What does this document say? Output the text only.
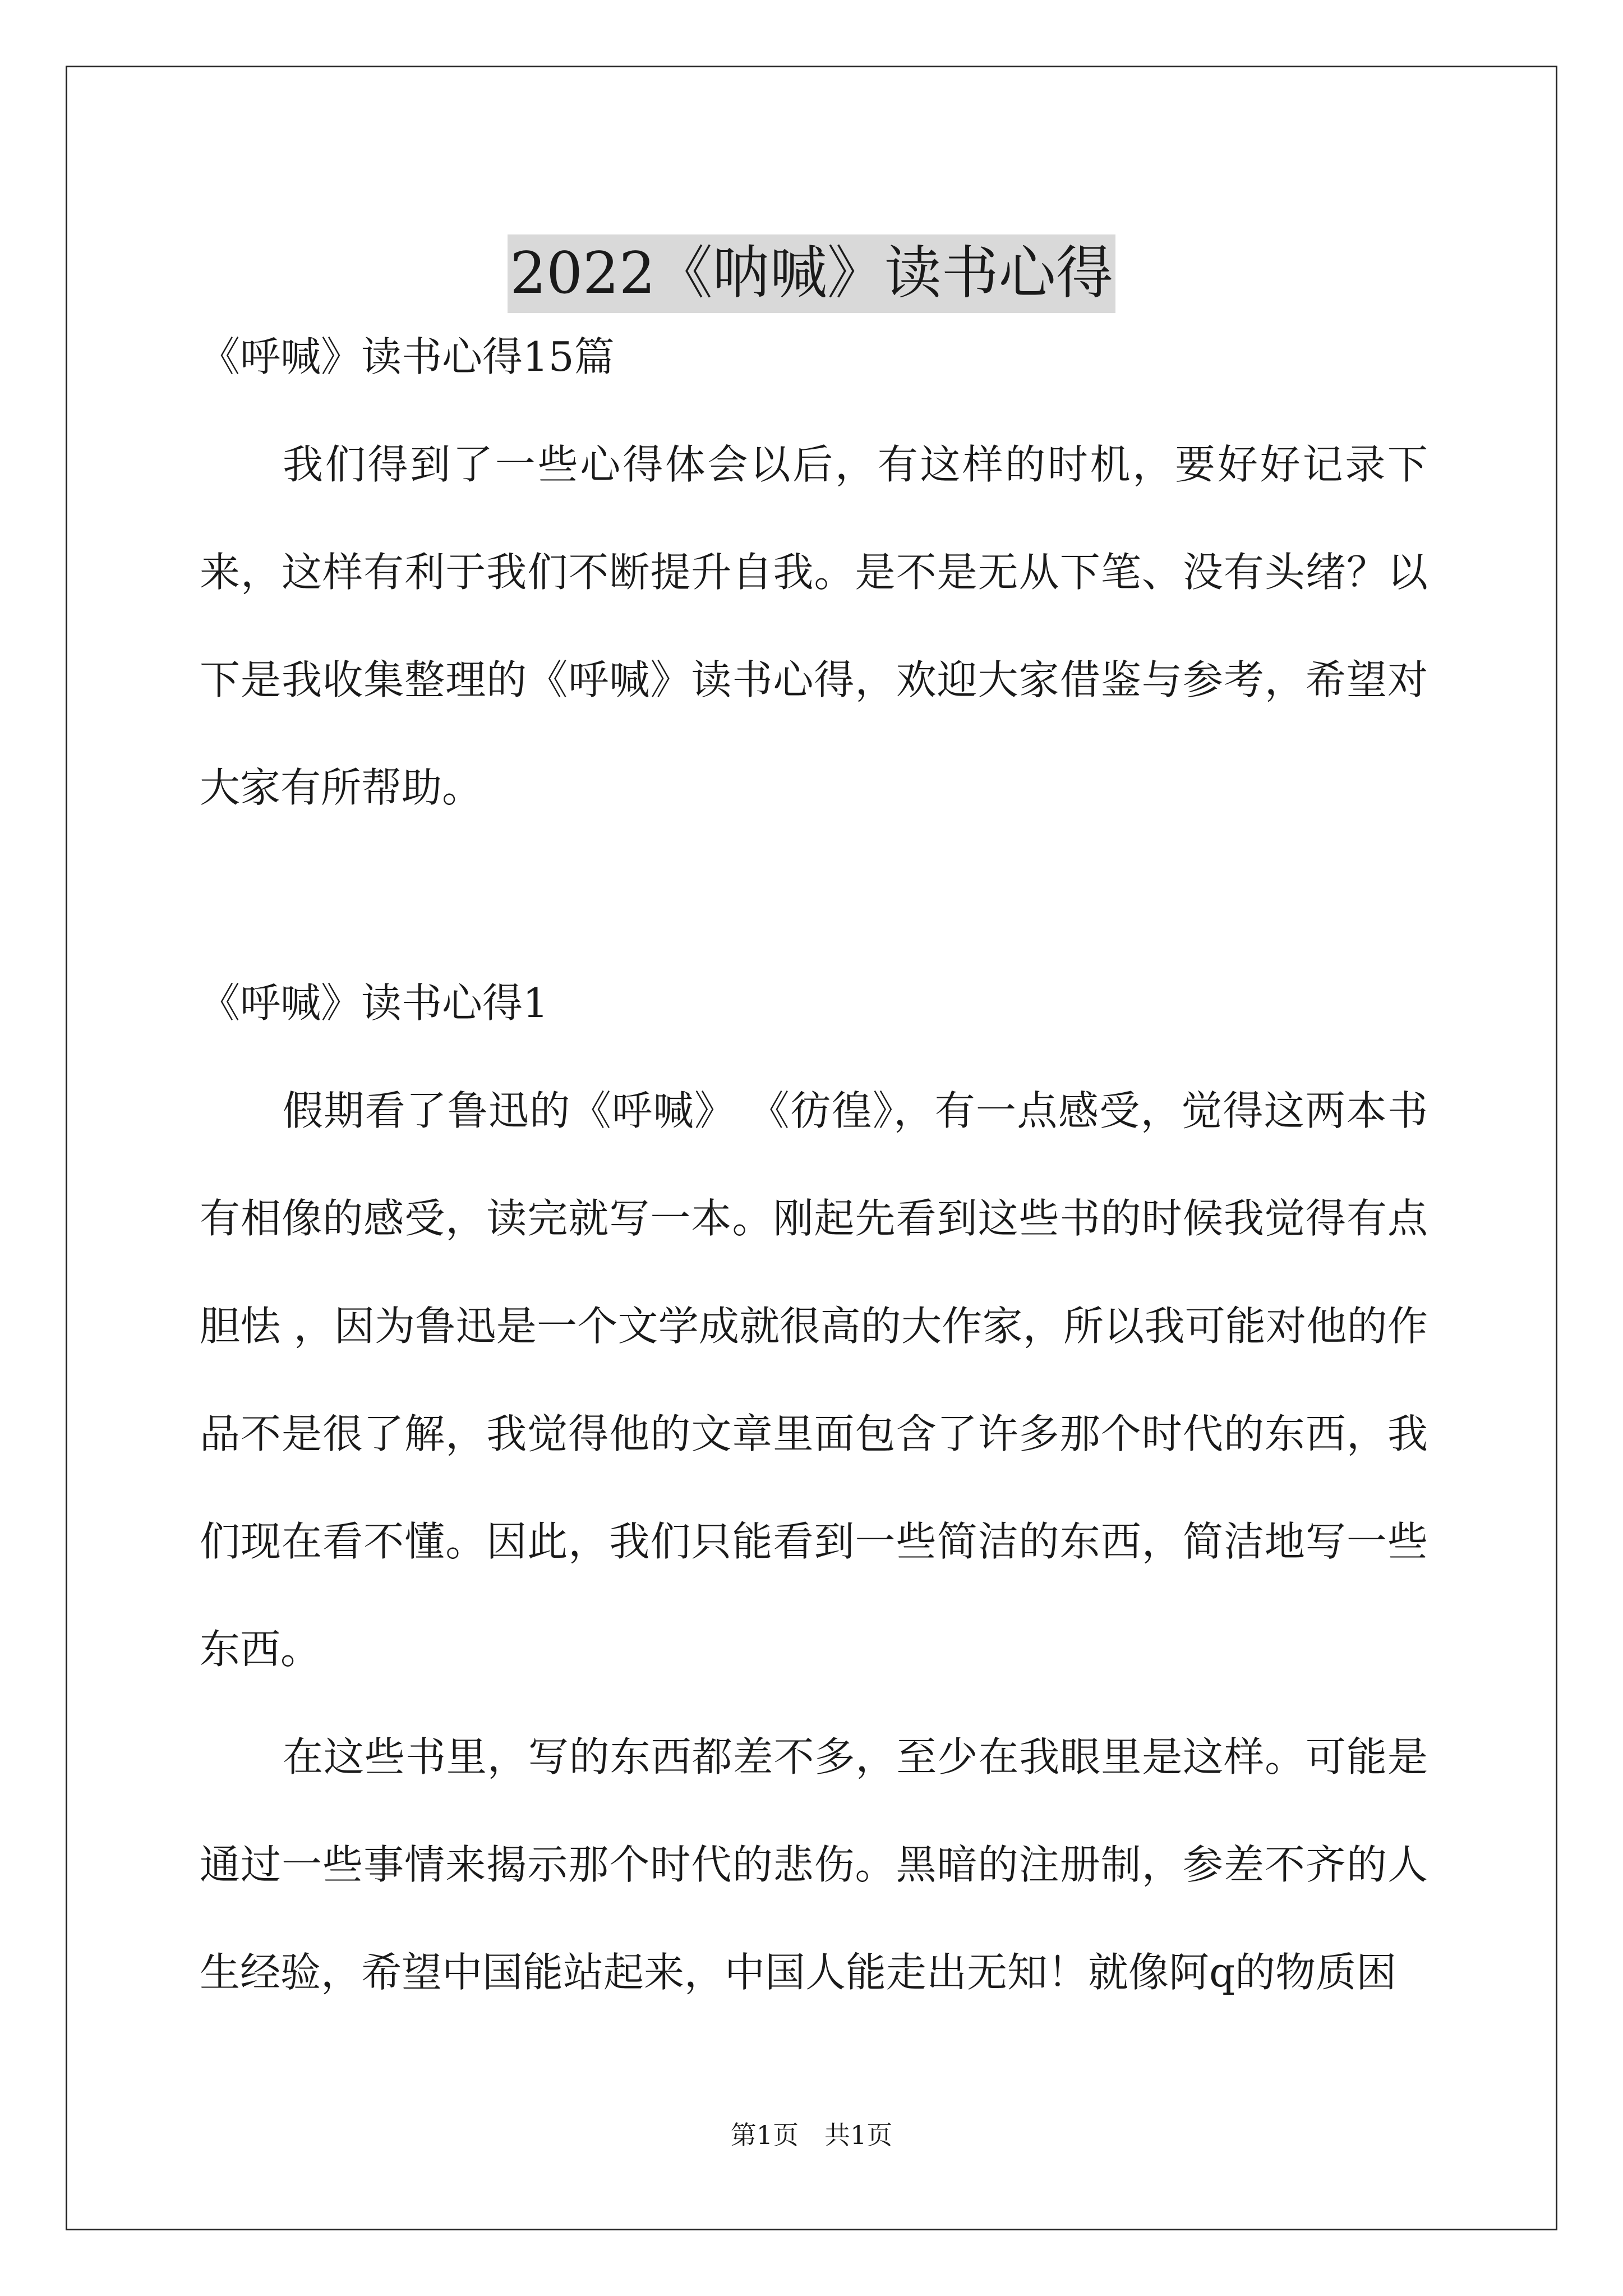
2022《呐喊》读书心得

《呼喊》读书心得15篇

我们得到了一些心得体会以后，有这样的时机，要好好记录下来，这样有利于我们不断提升自我。是不是无从下笔、没有头绪？以下是我收集整理的《呼喊》读书心得，欢迎大家借鉴与参考，希望对大家有所帮助。

《呼喊》读书心得1

假期看了鲁迅的《呼喊》 《彷徨》，有一点感受，觉得这两本书有相像的感受，读完就写一本。刚起先看到这些书的时候我觉得有点胆怯 ，因为鲁迅是一个文学成就很高的大作家，所以我可能对他的作品不是很了解，我觉得他的文章里面包含了许多那个时代的东西，我们现在看不懂。因此，我们只能看到一些简洁的东西，简洁地写一些东西。

在这些书里，写的东西都差不多，至少在我眼里是这样。可能是通过一些事情来揭示那个时代的悲伤。黑暗的注册制，参差不齐的人生经验，希望中国能站起来，中国人能走出无知！就像阿q的物质困

第1页 共1页
